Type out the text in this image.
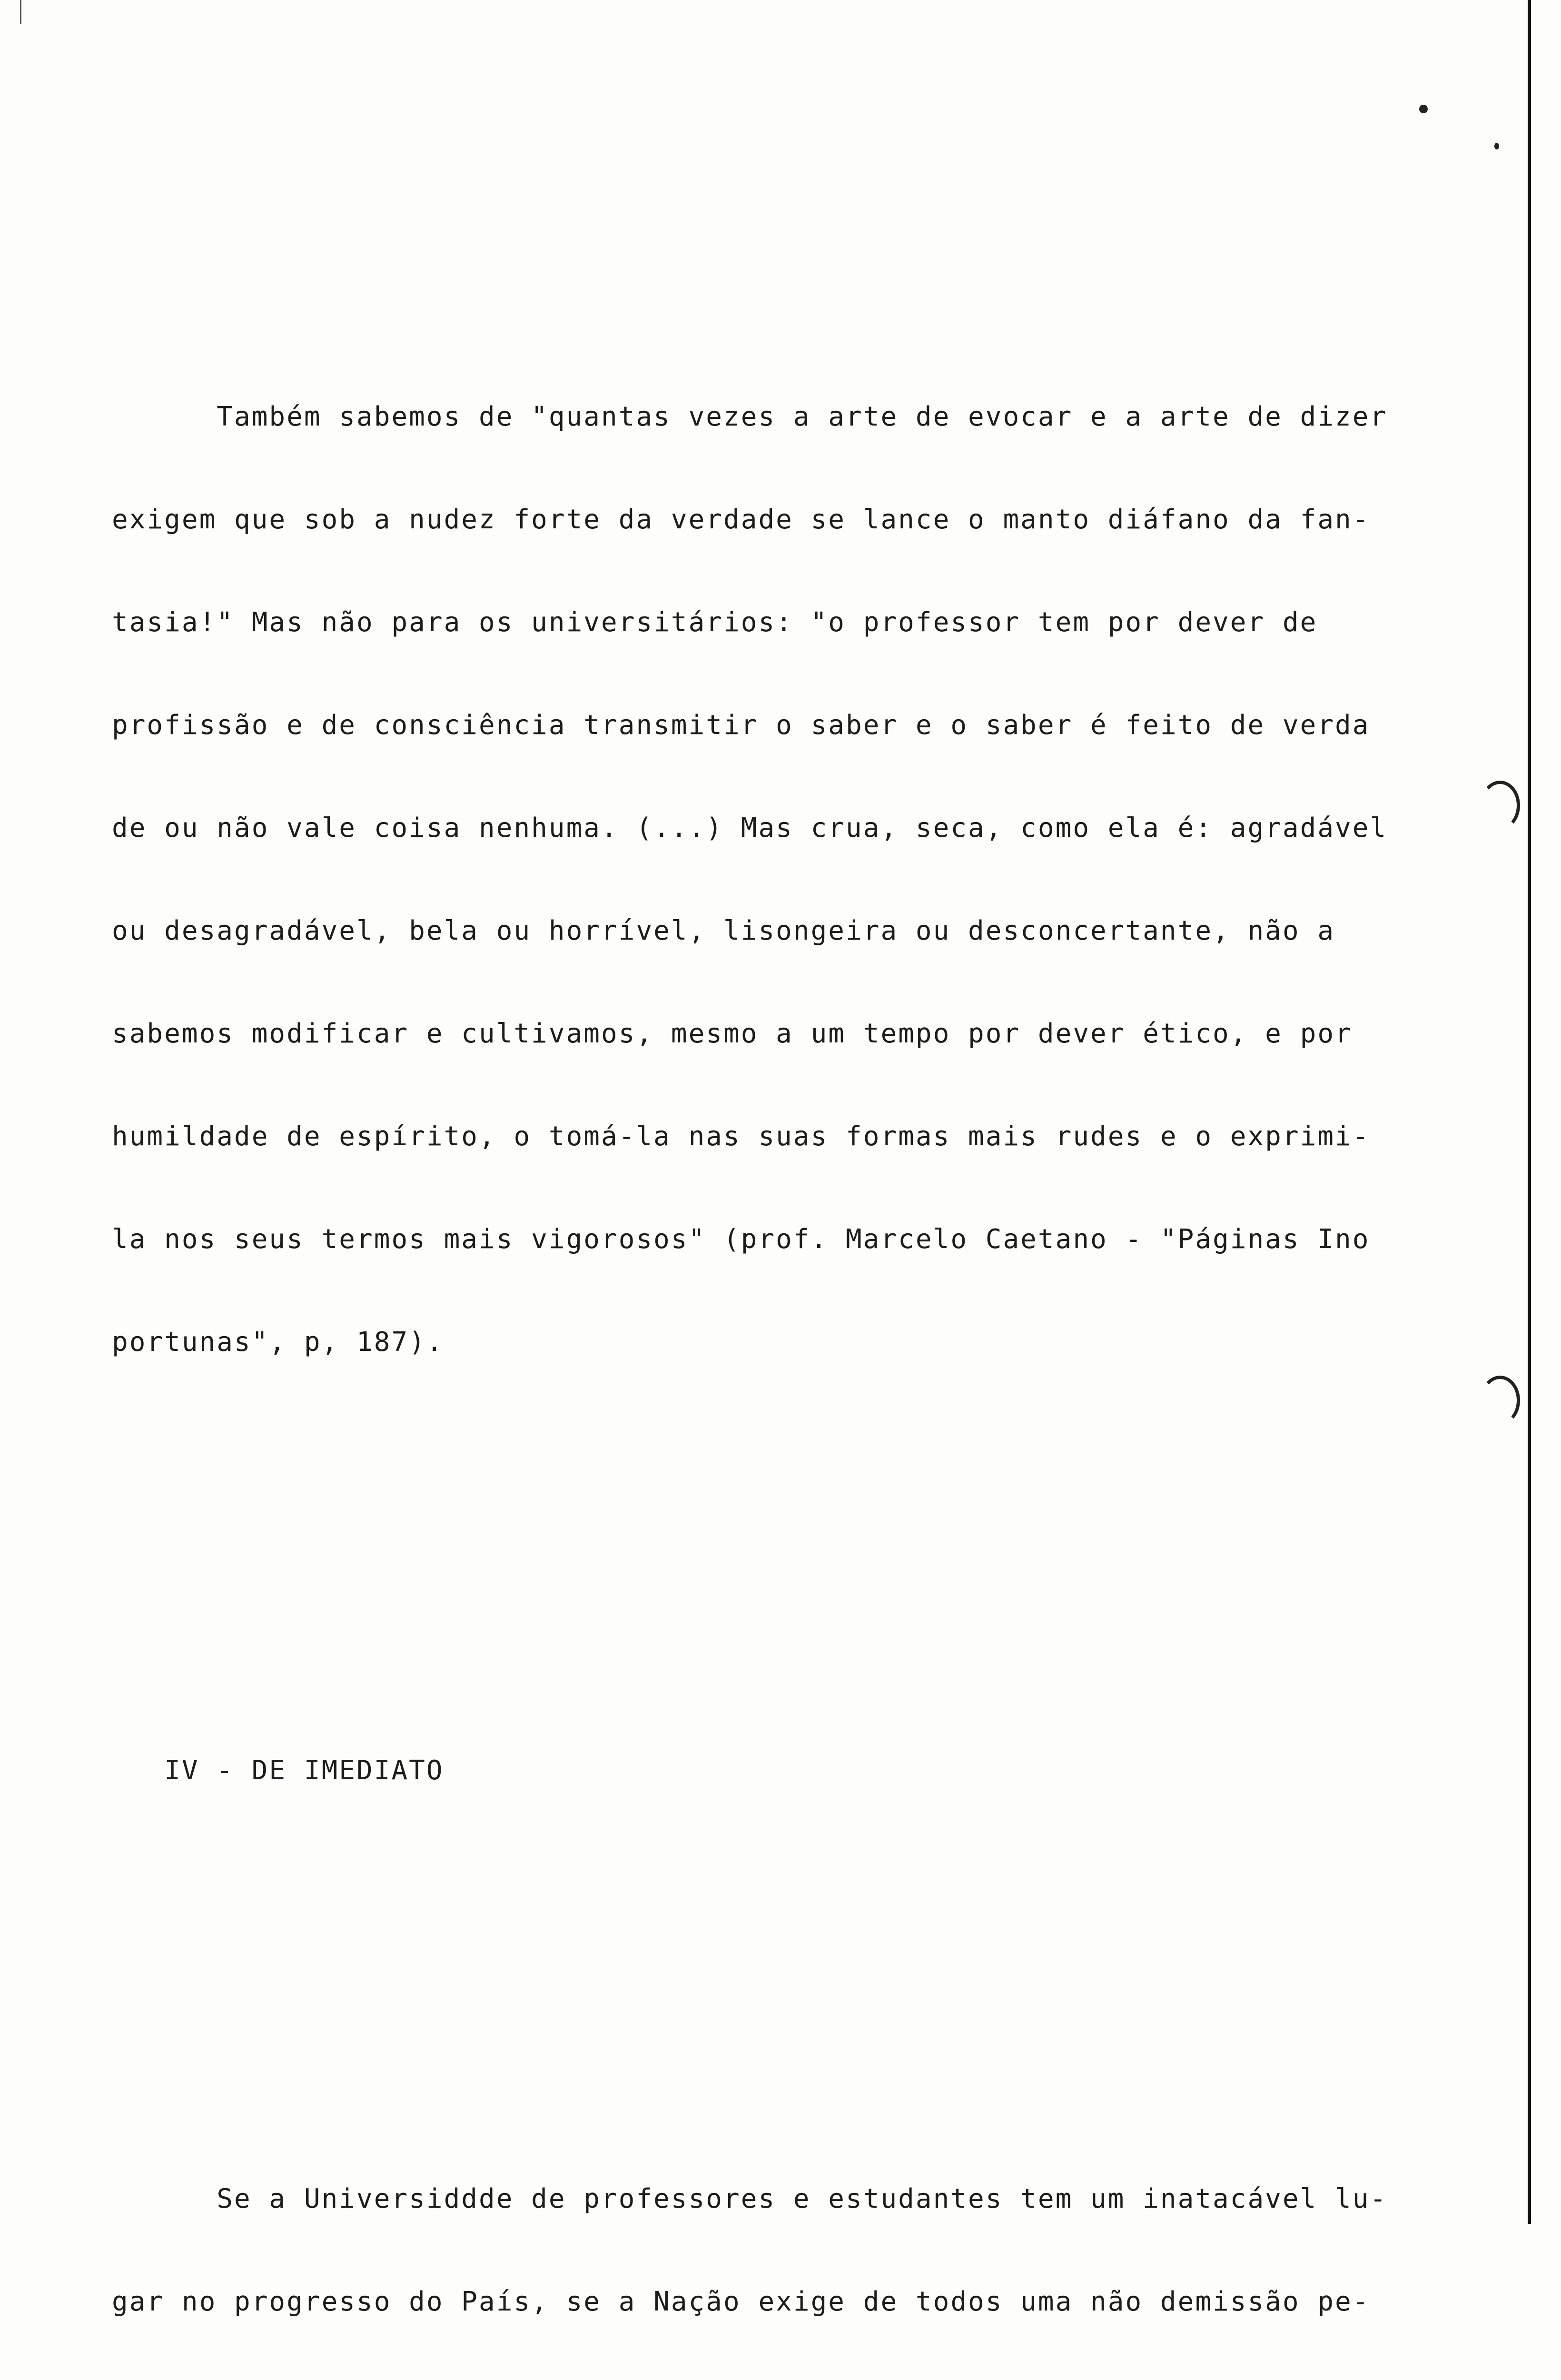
Também sabemos de "quantas vezes a arte de evocar e a arte de dizer

exigem que sob a nudez forte da verdade se lance o manto diáfano da fan-

tasia!" Mas não para os universitários: "o professor tem por dever de

profissão e de consciência transmitir o saber e o saber é feito de verda

de ou não vale coisa nenhuma. (...) Mas crua, seca, como ela é: agradável

ou desagradável, bela ou horrível, lisongeira ou desconcertante, não a

sabemos modificar e cultivamos, mesmo a um tempo por dever ético, e por

humildade de espírito, o tomá-la nas suas formas mais rudes e o exprimi-

la nos seus termos mais vigorosos" (prof. Marcelo Caetano - "Páginas Ino

portunas", p, 187).

IV - DE IMEDIATO

Se a Universiddde de professores e estudantes tem um inatacável lu-

gar no progresso do País, se a Nação exige de todos uma não demissão pe-
